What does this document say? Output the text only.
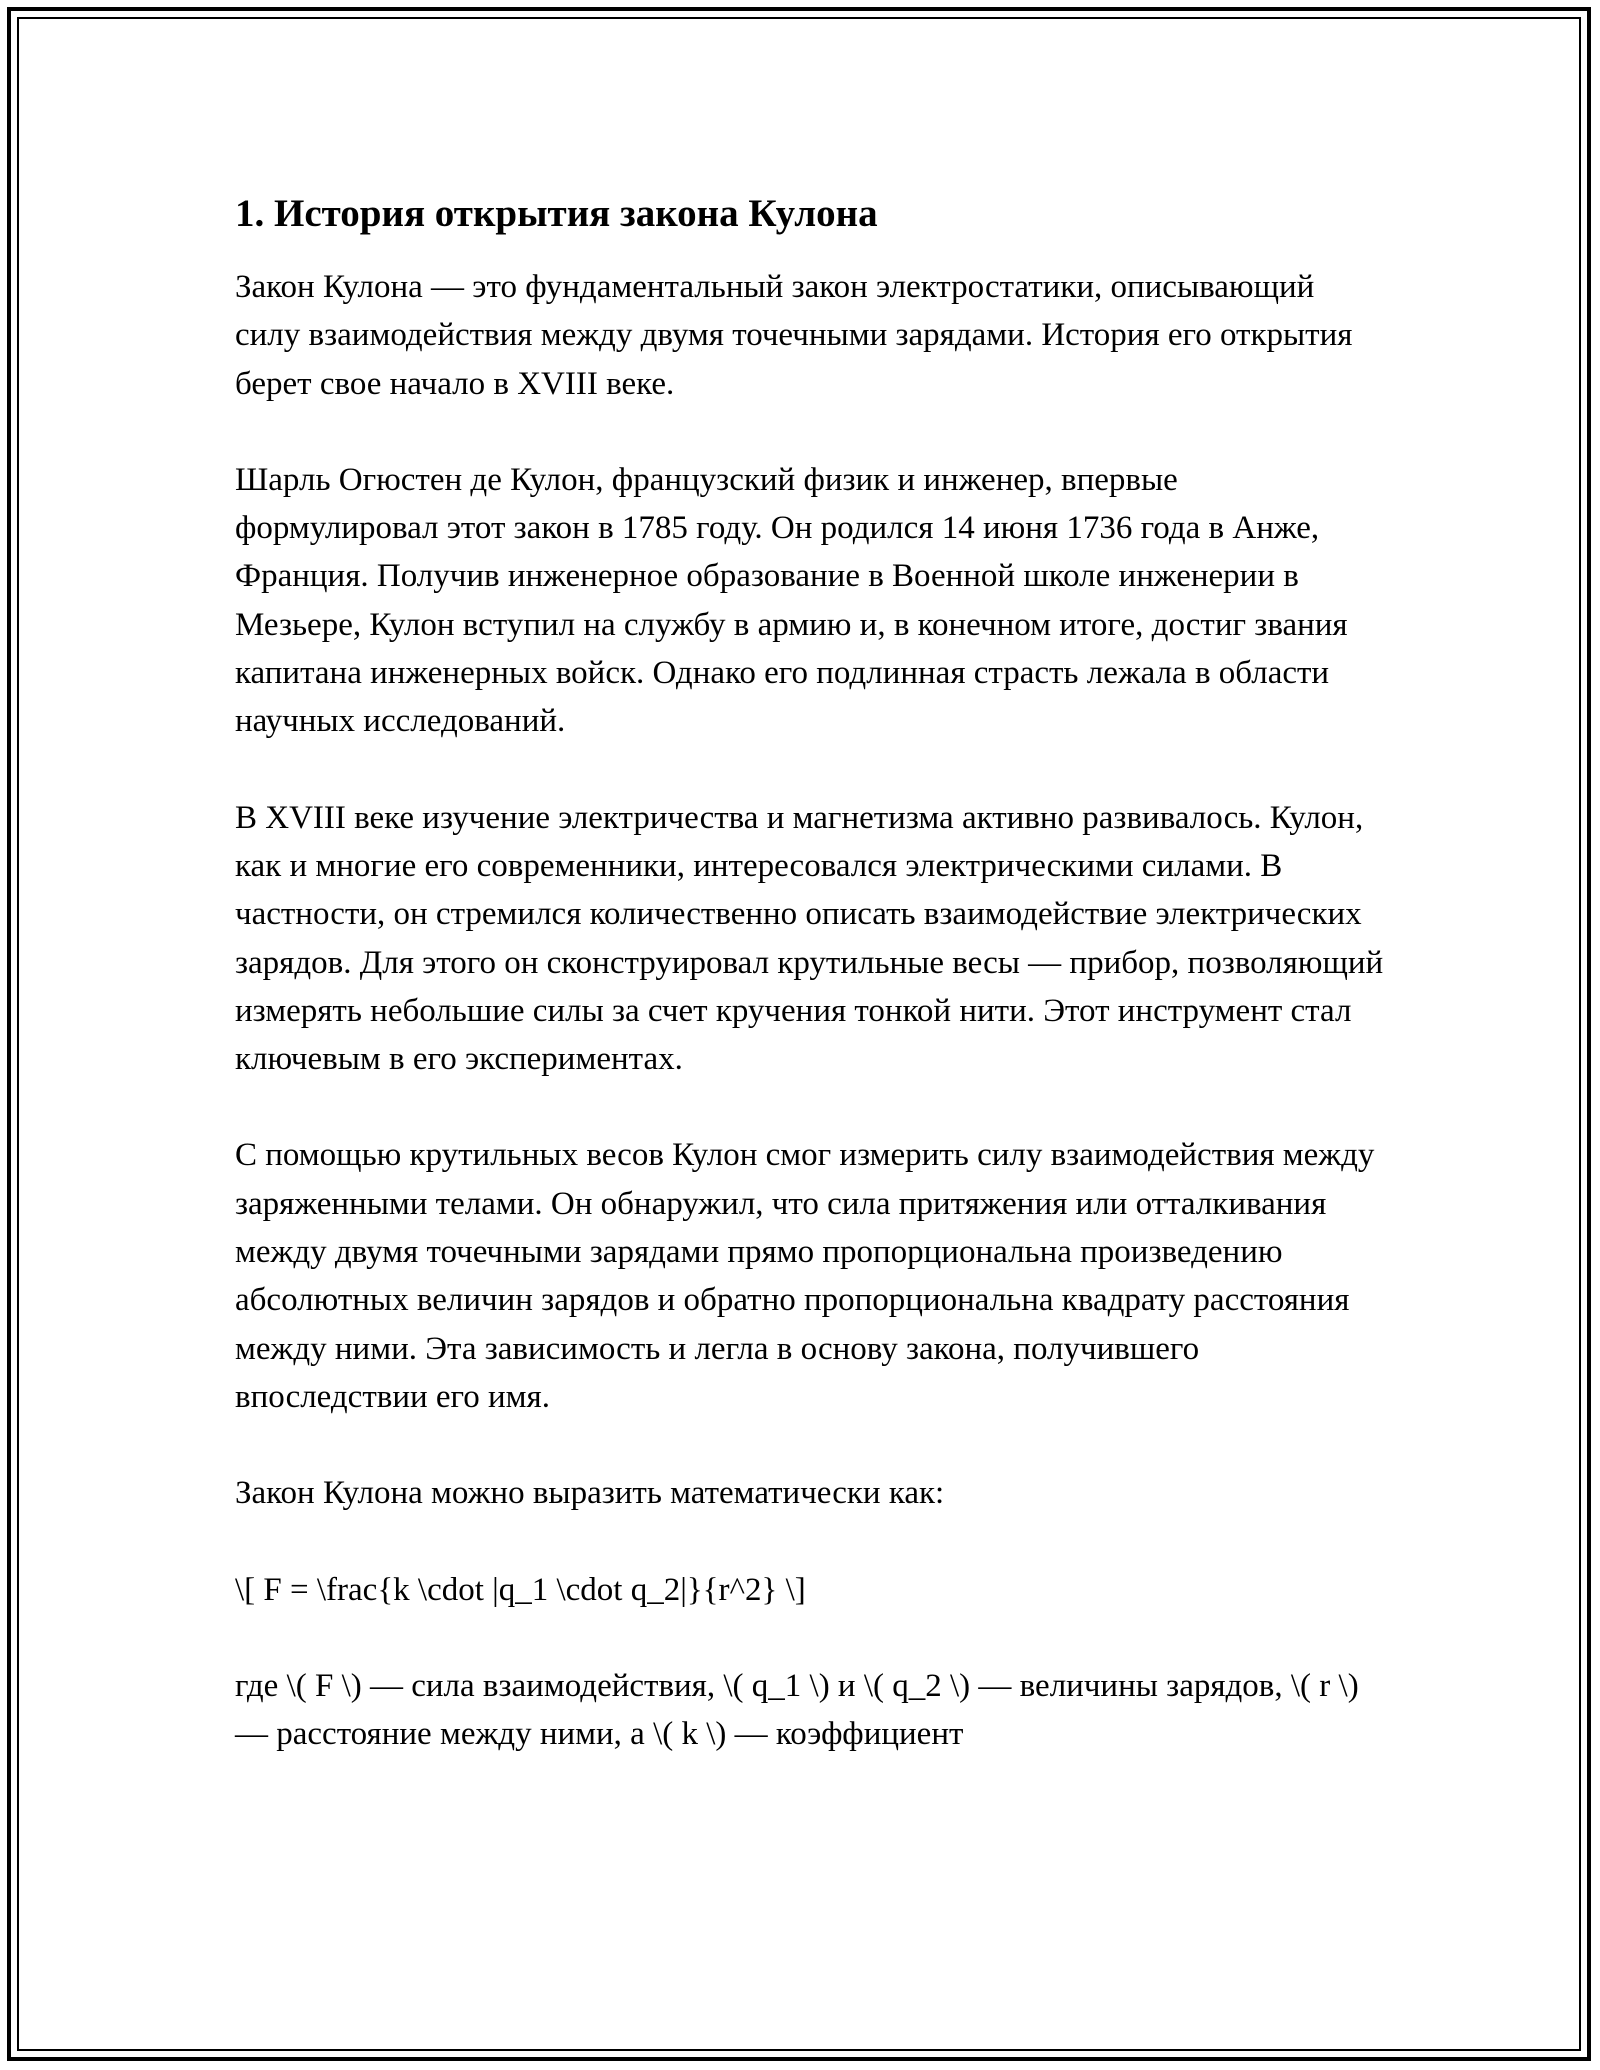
1. История открытия закона Кулона

Закон Кулона — это фундаментальный закон электростатики, описывающий силу взаимодействия между двумя точечными зарядами. История его открытия берет свое начало в XVIII веке.

Шарль Огюстен де Кулон, французский физик и инженер, впервые формулировал этот закон в 1785 году. Он родился 14 июня 1736 года в Анже, Франция. Получив инженерное образование в Военной школе инженерии в Мезьере, Кулон вступил на службу в армию и, в конечном итоге, достиг звания капитана инженерных войск. Однако его подлинная страсть лежала в области научных исследований.

В XVIII веке изучение электричества и магнетизма активно развивалось. Кулон, как и многие его современники, интересовался электрическими силами. В частности, он стремился количественно описать взаимодействие электрических зарядов. Для этого он сконструировал крутильные весы — прибор, позволяющий измерять небольшие силы за счет кручения тонкой нити. Этот инструмент стал ключевым в его экспериментах.

С помощью крутильных весов Кулон смог измерить силу взаимодействия между заряженными телами. Он обнаружил, что сила притяжения или отталкивания между двумя точечными зарядами прямо пропорциональна произведению абсолютных величин зарядов и обратно пропорциональна квадрату расстояния между ними. Эта зависимость и легла в основу закона, получившего впоследствии его имя.

Закон Кулона можно выразить математически как:

\[ F = \frac{k \cdot |q_1 \cdot q_2|}{r^2} \]

где \( F \) — сила взаимодействия, \( q_1 \) и \( q_2 \) — величины зарядов, \( r \) — расстояние между ними, а \( k \) — коэффициент
